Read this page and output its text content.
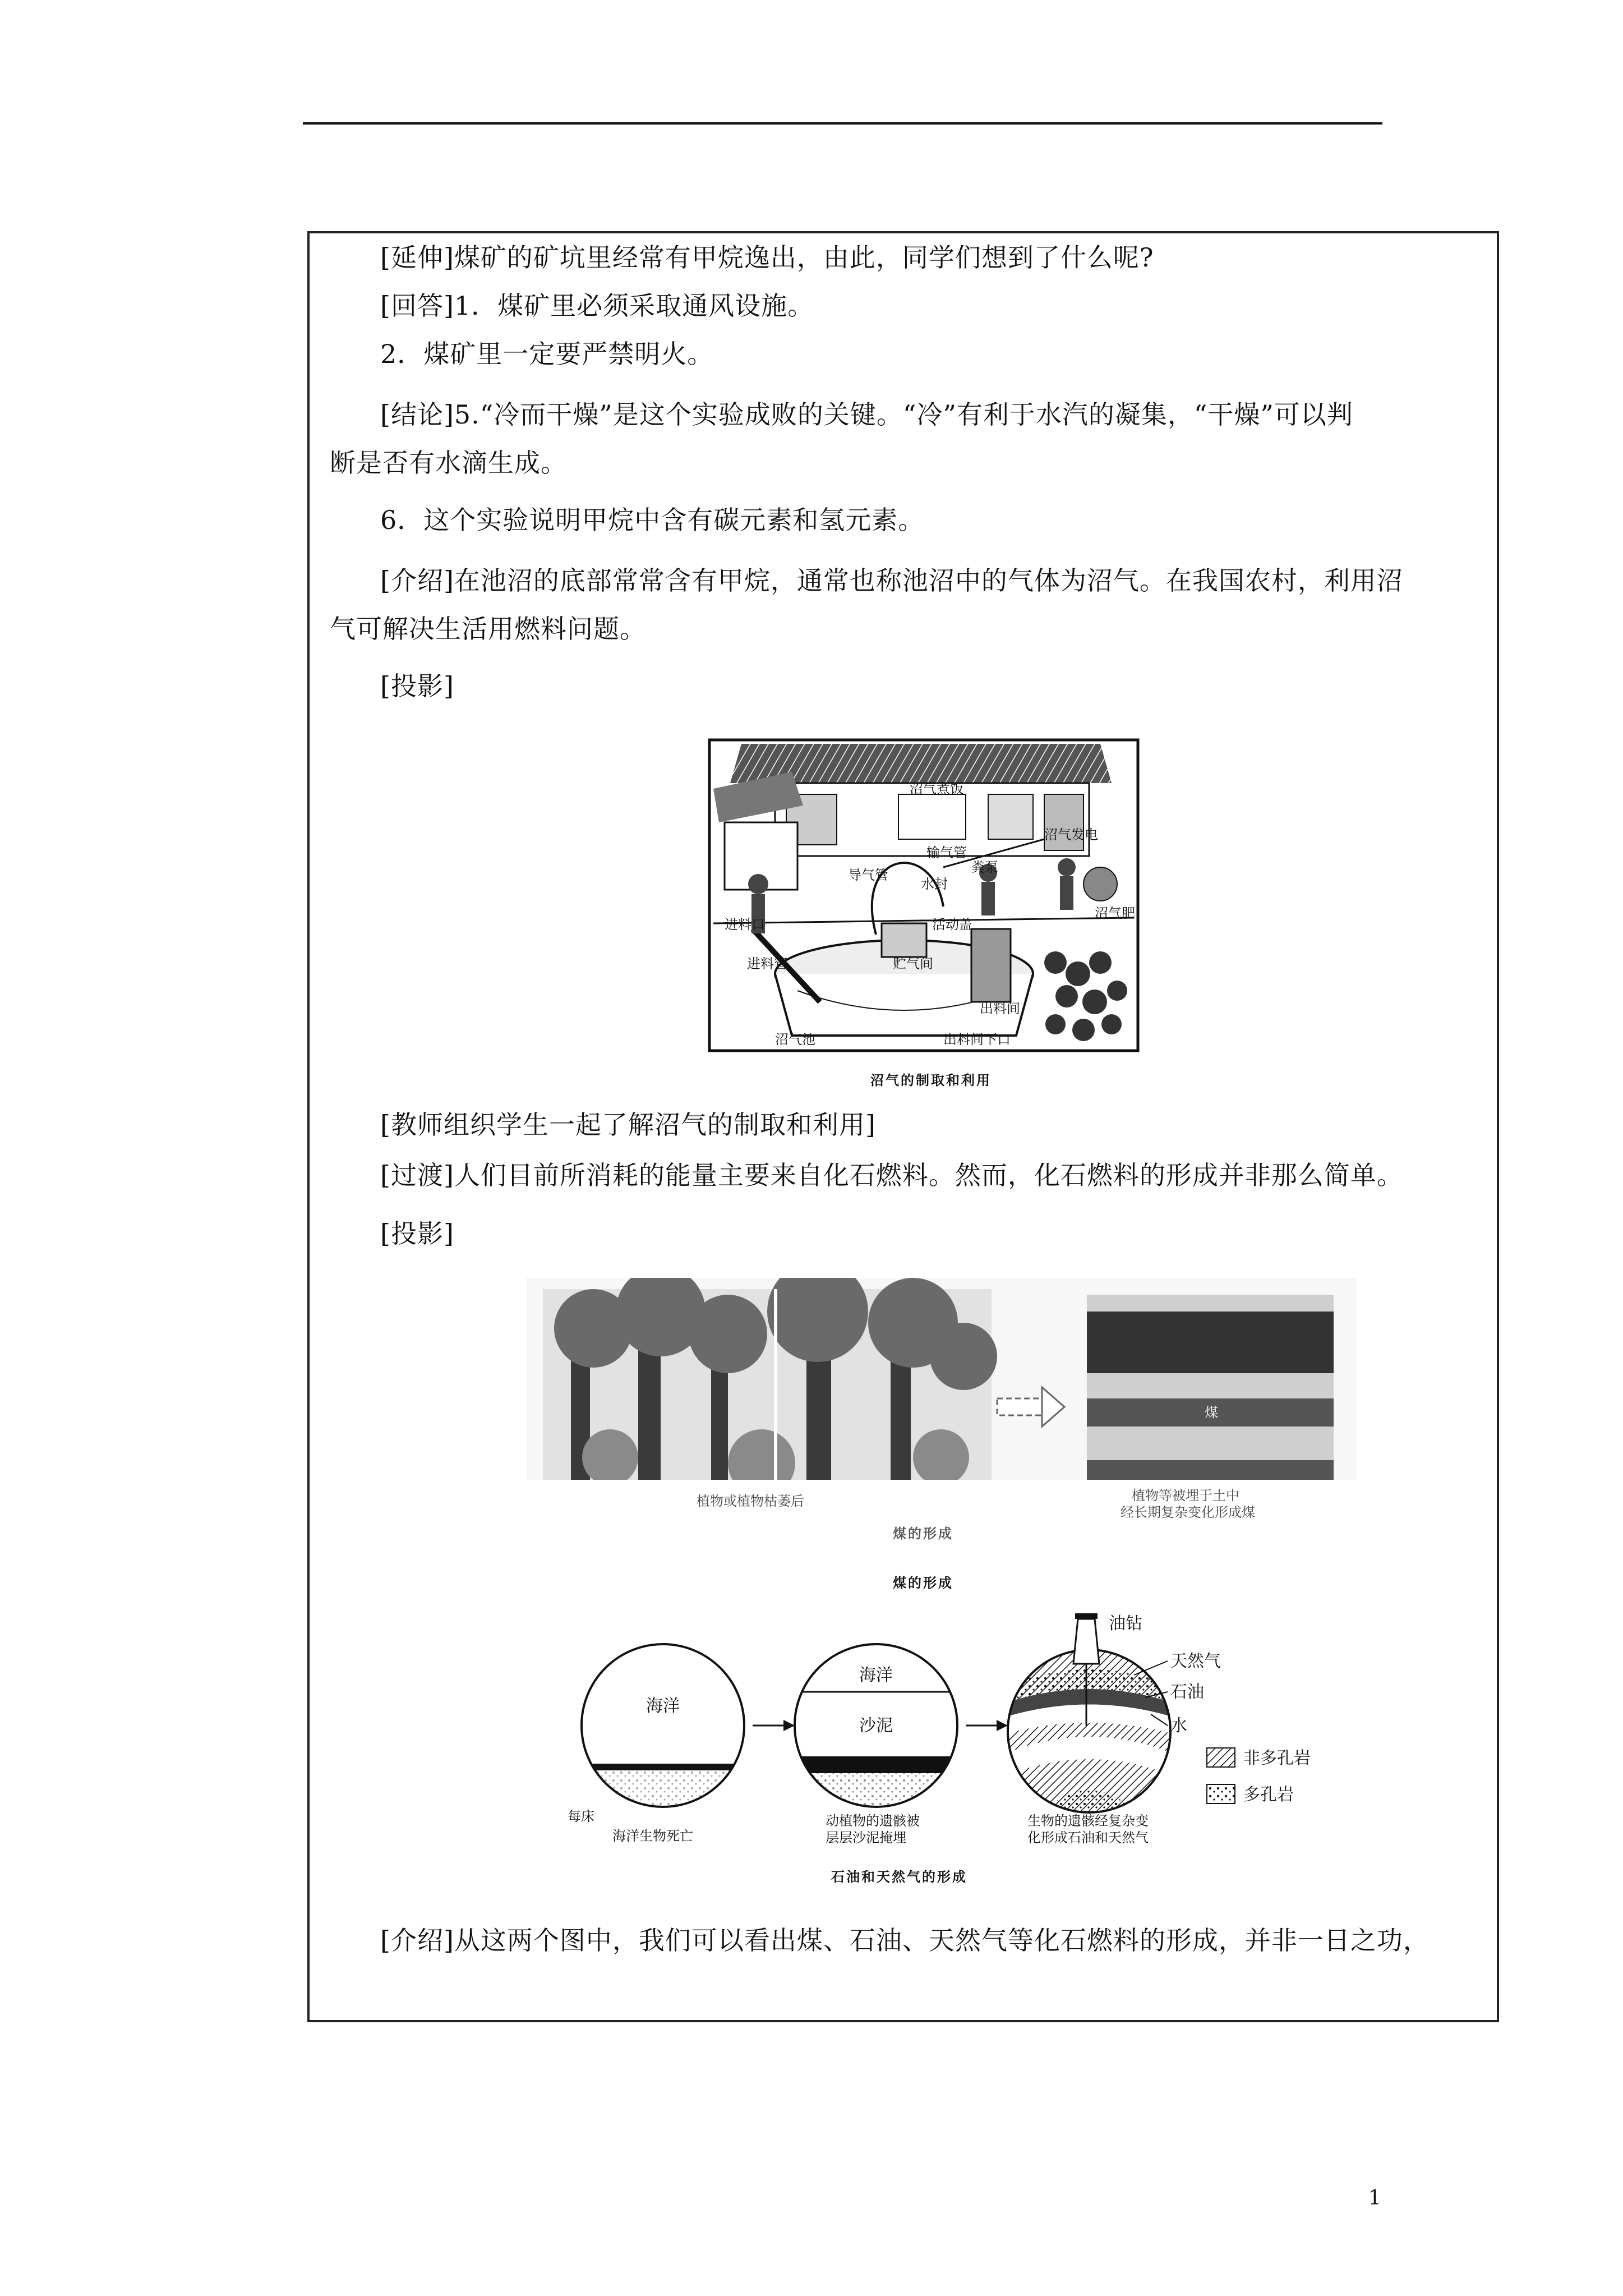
[延伸]煤矿的矿坑里经常有甲烷逸出，由此，同学们想到了什么呢?
[回答]1．煤矿里必须采取通风设施。
2．煤矿里一定要严禁明火。
[结论]5.“冷而干燥”是这个实验成败的关键。“冷”有利于水汽的凝集，“干燥”可以判
断是否有水滴生成。
6．这个实验说明甲烷中含有碳元素和氢元素。
[介绍]在池沼的底部常常含有甲烷，通常也称池沼中的气体为沼气。在我国农村，利用沼
气可解决生活用燃料问题。
[投影]
沼气煮饭
沼气发电
输气管
导气管
水封
粪泵
进料口	活动盖
贮气间
进料管
出料间
沼气池	出料间下口
沼气肥
沼气的制取和利用
[教师组织学生一起了解沼气的制取和利用]
[过渡]人们目前所消耗的能量主要来自化石燃料。然而，化石燃料的形成并非那么简单。
[投影]
煤
植物或植物枯萎后	植物等被埋于土中
经长期复杂变化形成煤
煤的形成
煤的形成
海洋
每床
海洋生物死亡
海洋
沙泥
动植物的遗骸被
层层沙泥掩埋
油钻
天然气
石油
水
生物的遗骸经复杂变
化形成石油和天然气
非多孔岩
多孔岩
石油和天然气的形成
[介绍]从这两个图中，我们可以看出煤、石油、天然气等化石燃料的形成，并非一日之功，
1
